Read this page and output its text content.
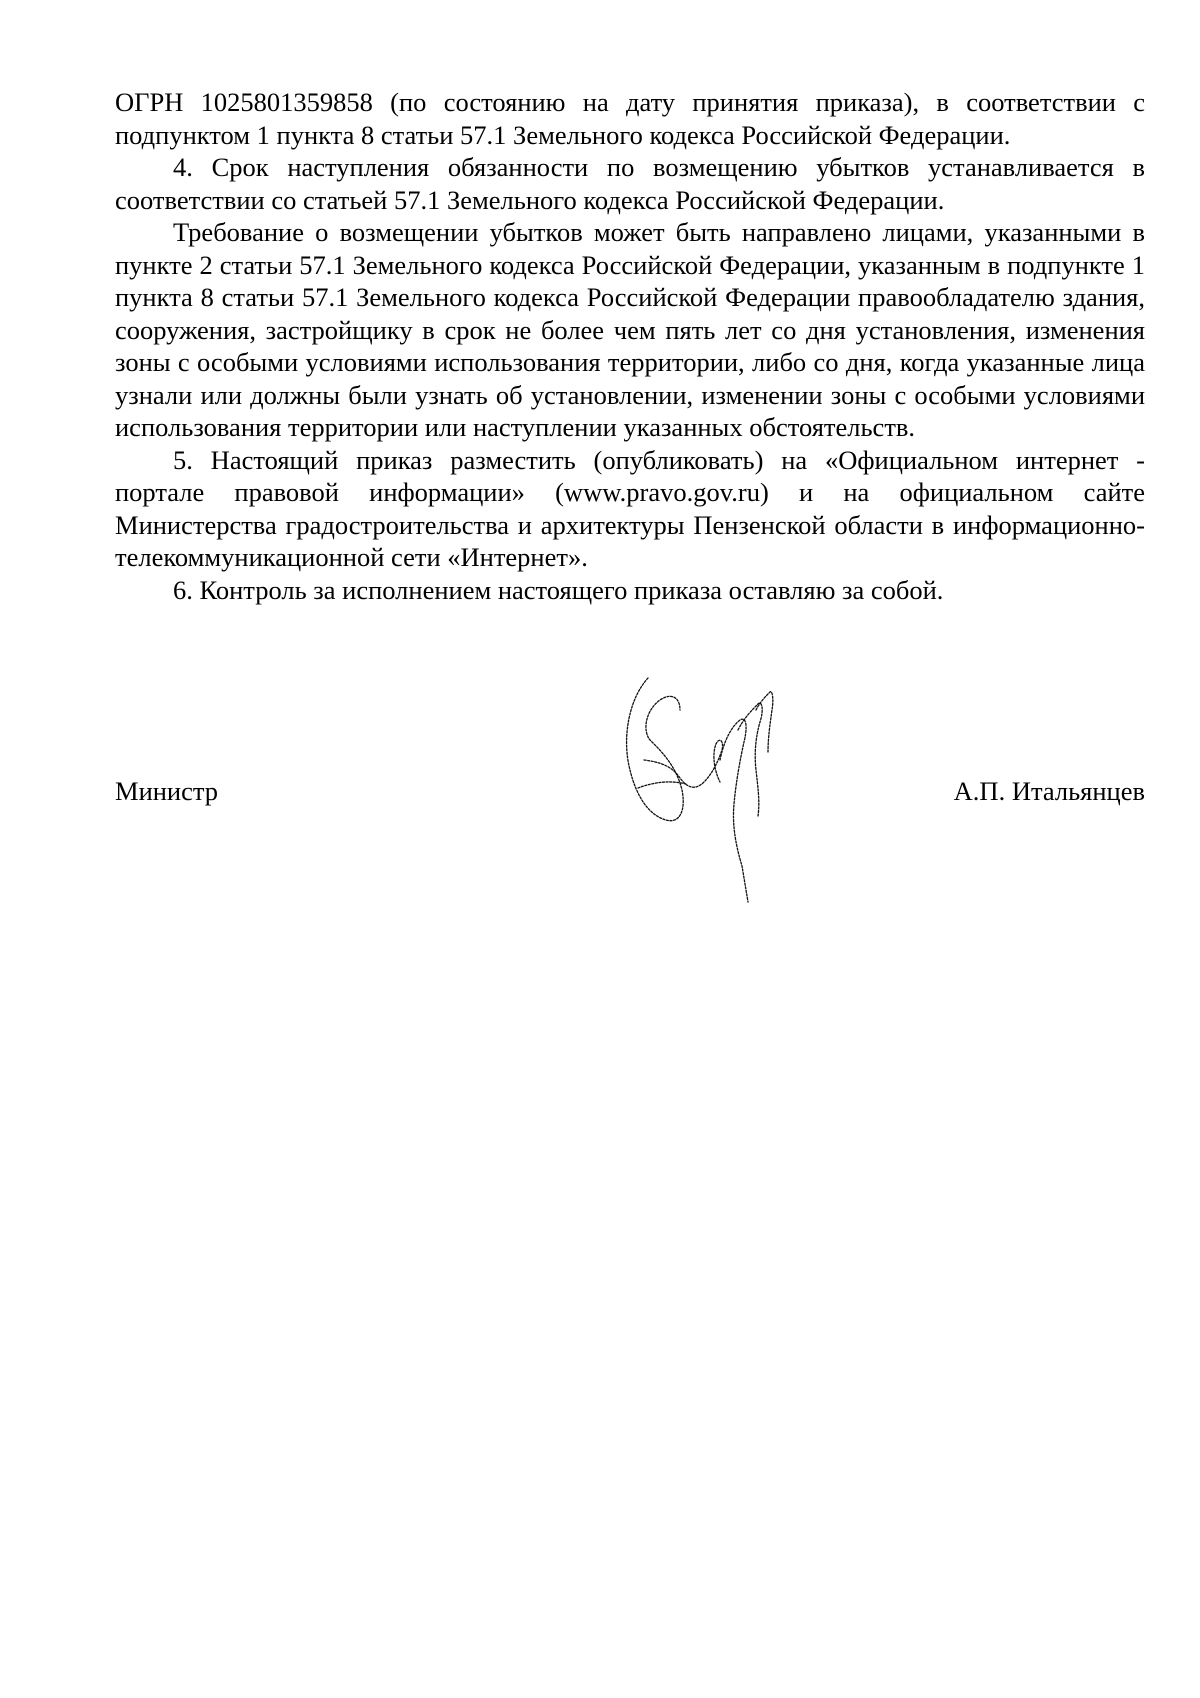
ОГРН 1025801359858 (по состоянию на дату принятия приказа), в соответствии с подпунктом 1 пункта 8 статьи 57.1 Земельного кодекса Российской Федерации.

4. Срок наступления обязанности по возмещению убытков устанавливается в соответствии со статьей 57.1 Земельного кодекса Российской Федерации.

Требование о возмещении убытков может быть направлено лицами, указанными в пункте 2 статьи 57.1 Земельного кодекса Российской Федерации, указанным в подпункте 1 пункта 8 статьи 57.1 Земельного кодекса Российской Федерации правообладателю здания, сооружения, застройщику в срок не более чем пять лет со дня установления, изменения зоны с особыми условиями использования территории, либо со дня, когда указанные лица узнали или должны были узнать об установлении, изменении зоны с особыми условиями использования территории или наступлении указанных обстоятельств.

5. Настоящий приказ разместить (опубликовать) на «Официальном интернет - портале правовой информации» (www.pravo.gov.ru) и на официальном сайте Министерства градостроительства и архитектуры Пензенской области в информационно-телекоммуникационной сети «Интернет».

6. Контроль за исполнением настоящего приказа оставляю за собой.

Министр	А.П. Итальянцев
